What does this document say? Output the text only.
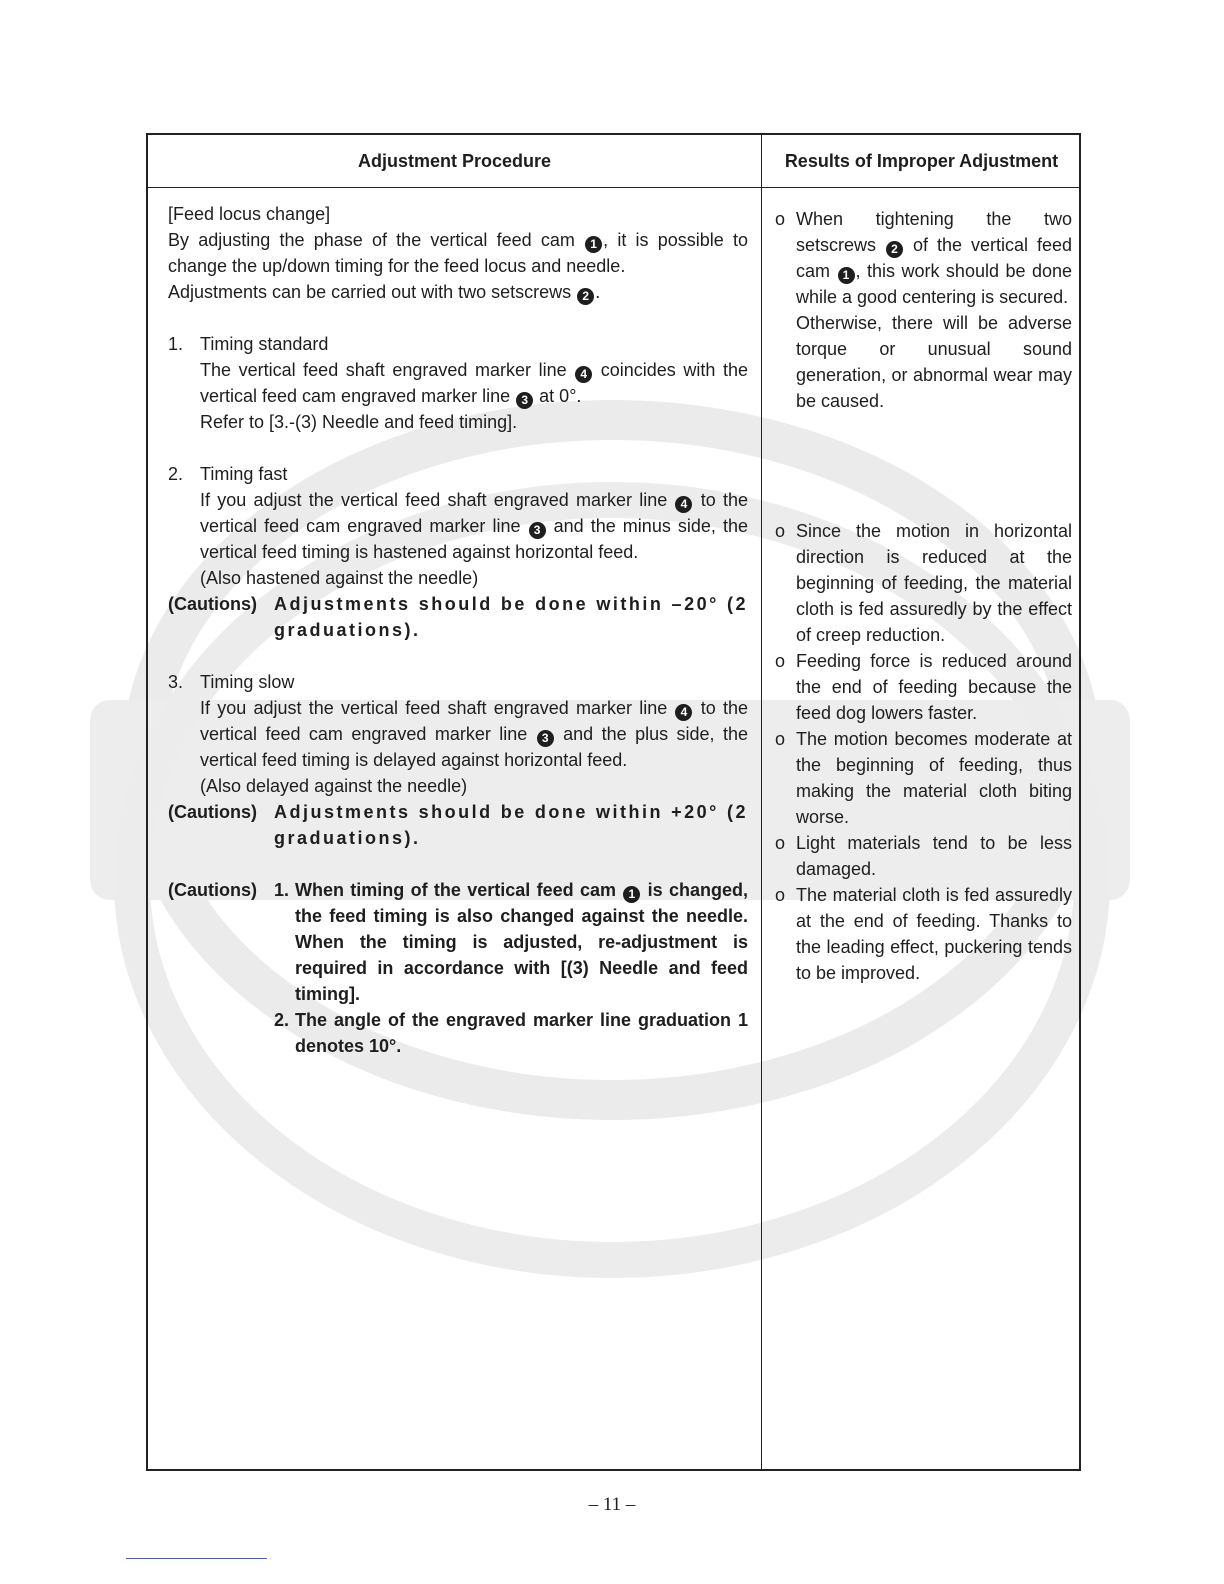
Adjustment Procedure	Results of Improper Adjustment

[Feed locus change]

By adjusting the phase of the vertical feed cam 1 , it is possible to change the up/down timing for the feed locus and needle.

Adjustments can be carried out with two setscrews 2 .

1. Timing standard

The vertical feed shaft engraved marker line 4 coincides with the vertical feed cam engraved marker line 3 at 0°.

Refer to [3.-(3) Needle and feed timing].

2. Timing fast

If you adjust the vertical feed shaft engraved marker line 4 to the vertical feed cam engraved marker line 3 and the minus side, the vertical feed timing is hastened against horizontal feed.

(Also hastened against the needle)

(Cautions) Adjustments should be done within –20° (2 graduations).

3. Timing slow

If you adjust the vertical feed shaft engraved marker line 4 to the vertical feed cam engraved marker line 3 and the plus side, the vertical feed timing is delayed against horizontal feed.

(Also delayed against the needle)

(Cautions) Adjustments should be done within +20° (2 graduations).

(Cautions) 1. When timing of the vertical feed cam 1 is changed, the feed timing is also changed against the needle. When the timing is adjusted, re-adjustment is required in accordance with [(3) Needle and feed timing].
2. The angle of the engraved marker line graduation 1 denotes 10°.
o When tightening the two setscrews 2 of the vertical feed cam 1 , this work should be done while a good centering is secured.

Otherwise, there will be adverse torque or unusual sound generation, or abnormal wear may be caused.

o Since the motion in horizontal direction is reduced at the beginning of feeding, the material cloth is fed assuredly by the effect of creep reduction.
o Feeding force is reduced around the end of feeding because the feed dog lowers faster.
o The motion becomes moderate at the beginning of feeding, thus making the material cloth biting worse.
o Light materials tend to be less damaged.
o The material cloth is fed assuredly at the end of feeding. Thanks to the leading effect, puckering tends to be improved.
– 11 –
